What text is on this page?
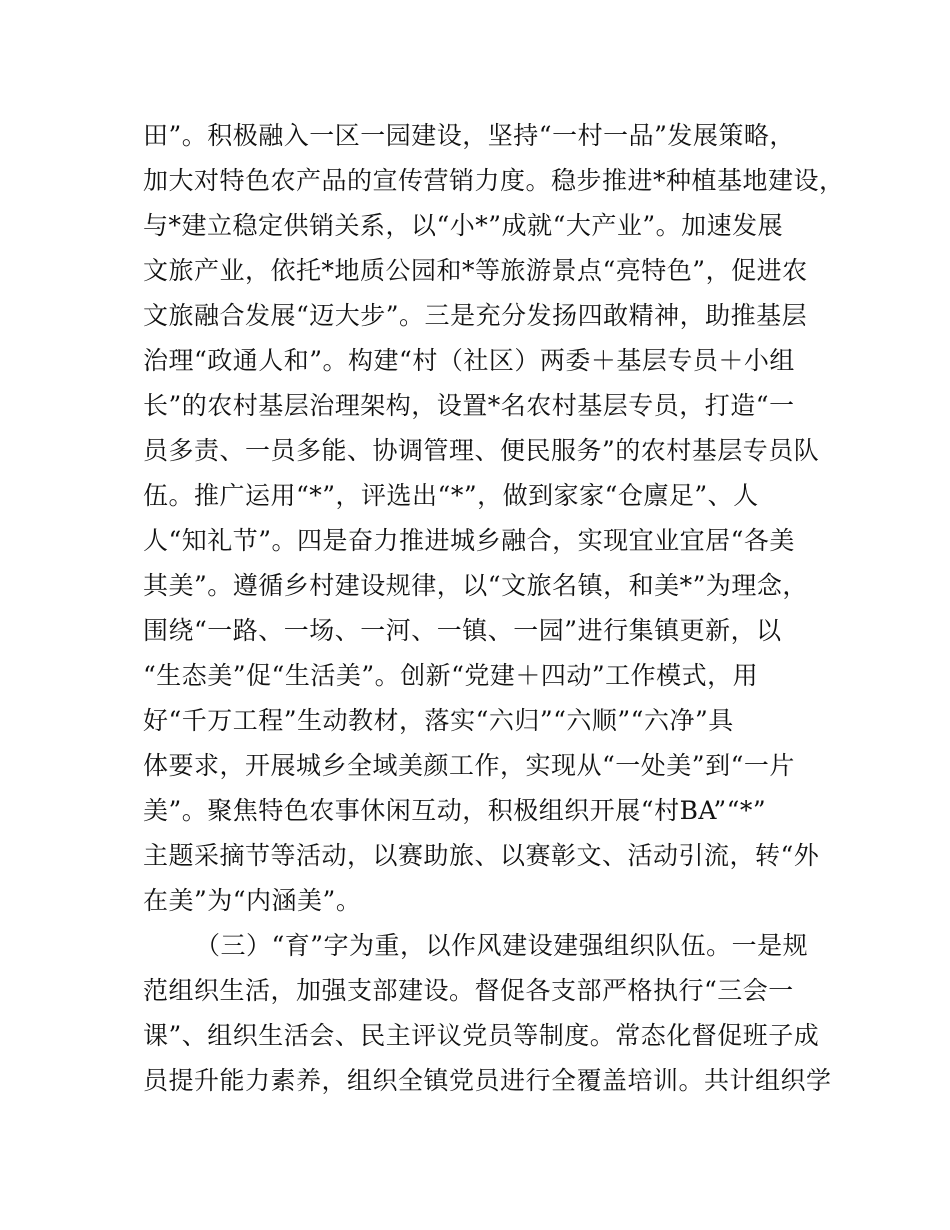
田”。积极融入一区一园建设，坚持“一村一品”发展策略，
加大对特色农产品的宣传营销力度。稳步推进*种植基地建设，
与*建立稳定供销关系，以“小*”成就“大产业”。加速发展
文旅产业，依托*地质公园和*等旅游景点“亮特色”，促进农
文旅融合发展“迈大步”。三是充分发扬四敢精神，助推基层
治理“政通人和”。构建“村（社区）两委＋基层专员＋小组
长”的农村基层治理架构，设置*名农村基层专员，打造“一
员多责、一员多能、协调管理、便民服务”的农村基层专员队
伍。推广运用“*”，评选出“*”，做到家家“仓廪足”、人
人“知礼节”。四是奋力推进城乡融合，实现宜业宜居“各美
其美”。遵循乡村建设规律，以“文旅名镇，和美*”为理念，
围绕“一路、一场、一河、一镇、一园”进行集镇更新，以
“生态美”促“生活美”。创新“党建＋四动”工作模式，用
好“千万工程”生动教材，落实“六归”“六顺”“六净”具
体要求，开展城乡全域美颜工作，实现从“一处美”到“一片
美”。聚焦特色农事休闲互动，积极组织开展“村BA”“*”
主题采摘节等活动，以赛助旅、以赛彰文、活动引流，转“外
在美”为“内涵美”。
（三）“育”字为重，以作风建设建强组织队伍。一是规
范组织生活，加强支部建设。督促各支部严格执行“三会一
课”、组织生活会、民主评议党员等制度。常态化督促班子成
员提升能力素养，组织全镇党员进行全覆盖培训。共计组织学
